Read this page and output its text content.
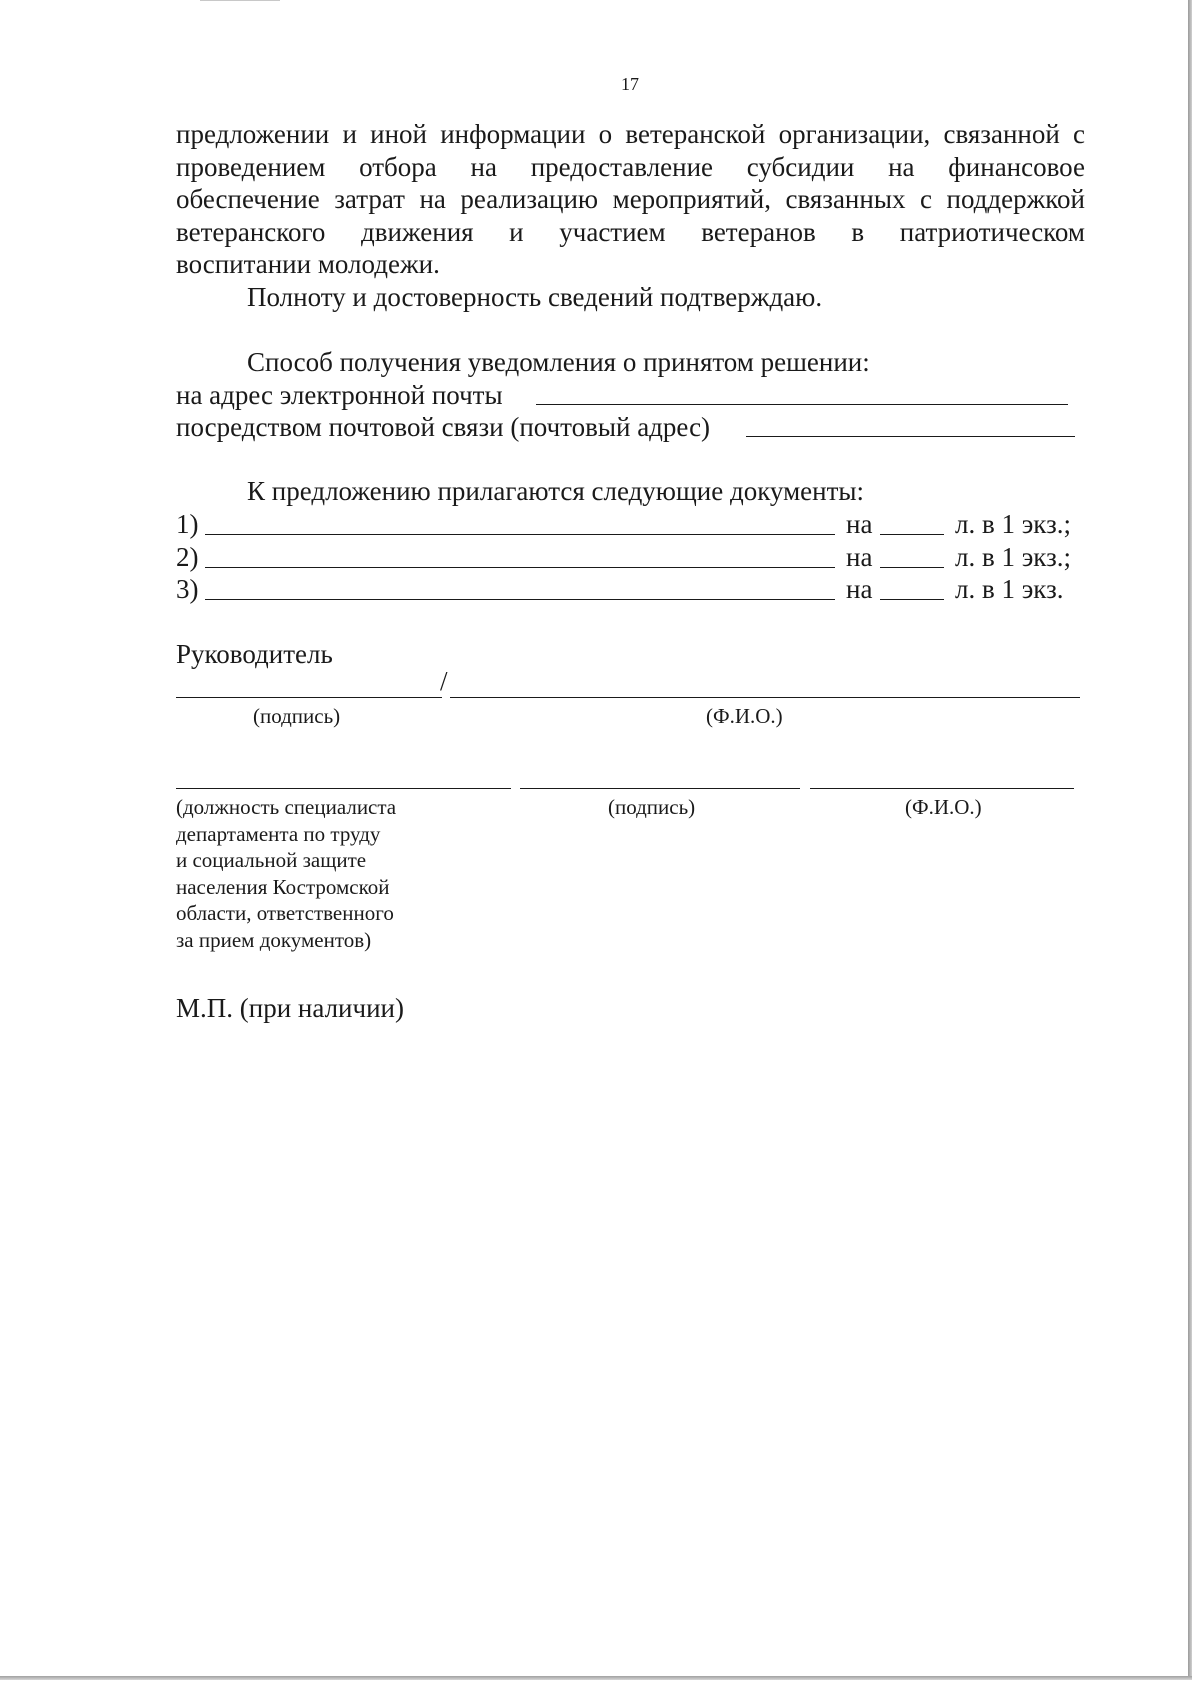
17
предложении и иной информации о ветеранской организации, связанной с
проведением отбора на предоставление субсидии на финансовое
обеспечение затрат на реализацию мероприятий, связанных с поддержкой
ветеранского движения и участием ветеранов в патриотическом
воспитании молодежи.
Полноту и достоверность сведений подтверждаю.
Способ получения уведомления о принятом решении:
на адрес электронной почты
посредством почтовой связи (почтовый адрес)
К предложению прилагаются следующие документы:
1)	на	л. в 1 экз.;
2)	на	л. в 1 экз.;
3)	на	л. в 1 экз.
Руководитель
/
(подпись)	(Ф.И.О.)
(должность специалиста
департамента по труду
и социальной защите
населения Костромской
области, ответственного
за прием документов)
(подпись)	(Ф.И.О.)
М.П. (при наличии)
